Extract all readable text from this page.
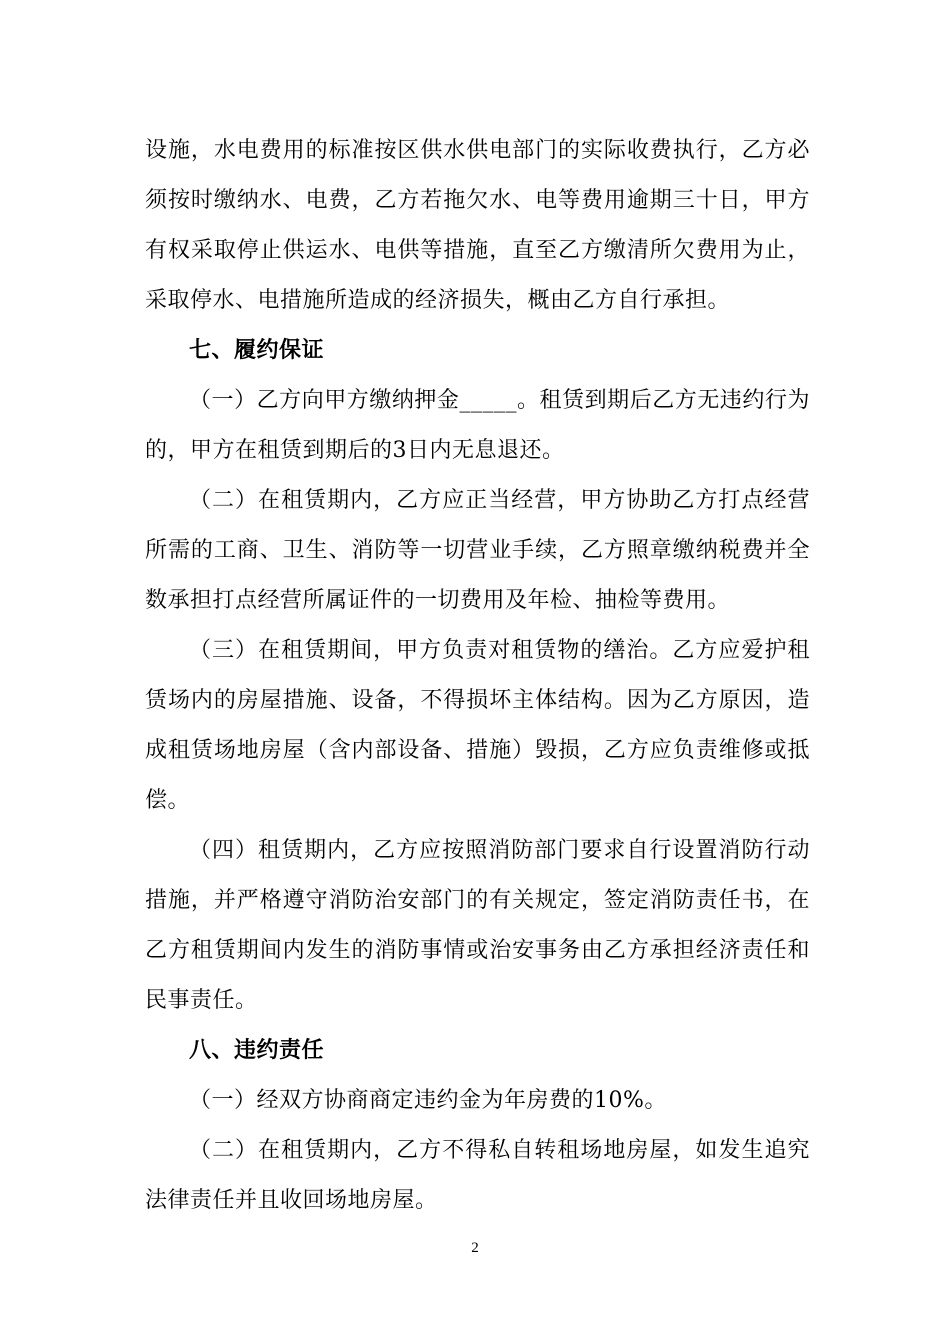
设施，水电费用的标准按区供水供电部门的实际收费执行，乙方必须按时缴纳水、电费，乙方若拖欠水、电等费用逾期三十日，甲方有权采取停止供运水、电供等措施，直至乙方缴清所欠费用为止，采取停水、电措施所造成的经济损失，概由乙方自行承担。

七、履约保证

（一）乙方向甲方缴纳押金_____。租赁到期后乙方无违约行为的，甲方在租赁到期后的3日内无息退还。

（二）在租赁期内，乙方应正当经营，甲方协助乙方打点经营所需的工商、卫生、消防等一切营业手续，乙方照章缴纳税费并全数承担打点经营所属证件的一切费用及年检、抽检等费用。

（三）在租赁期间，甲方负责对租赁物的缮治。乙方应爱护租赁场内的房屋措施、设备，不得损坏主体结构。因为乙方原因，造成租赁场地房屋（含内部设备、措施）毁损，乙方应负责维修或抵偿。

（四）租赁期内，乙方应按照消防部门要求自行设置消防行动措施，并严格遵守消防治安部门的有关规定，签定消防责任书，在乙方租赁期间内发生的消防事情或治安事务由乙方承担经济责任和民事责任。

八、违约责任

（一）经双方协商商定违约金为年房费的10%。

（二）在租赁期内，乙方不得私自转租场地房屋，如发生追究法律责任并且收回场地房屋。

2
